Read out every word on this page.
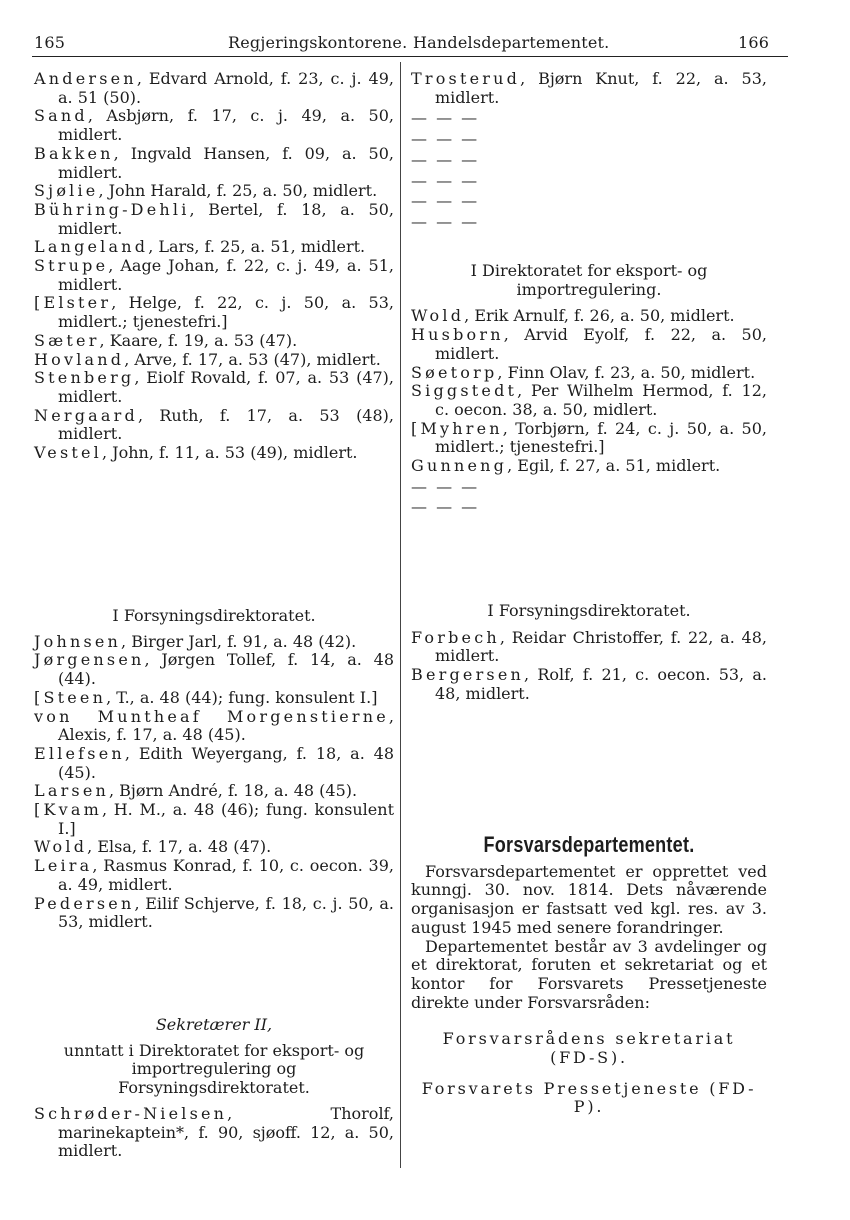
165	Regjeringskontorene. Handelsdepartementet.	166

Andersen, Edvard Arnold, f. 23, c. j. 49, a. 51 (50).

Sand, Asbjørn, f. 17, c. j. 49, a. 50, midlert.

Bakken, Ingvald Hansen, f. 09, a. 50, midlert.

Sjølie, John Harald, f. 25, a. 50, midlert.

Bühring-Dehli, Bertel, f. 18, a. 50, midlert.

Langeland, Lars, f. 25, a. 51, midlert.

Strupe, Aage Johan, f. 22, c. j. 49, a. 51, midlert.

[Elster, Helge, f. 22, c. j. 50, a. 53, midlert.; tjenestefri.]

Sæter, Kaare, f. 19, a. 53 (47).

Hovland, Arve, f. 17, a. 53 (47), midlert.

Stenberg, Eiolf Rovald, f. 07, a. 53 (47), midlert.

Nergaard, Ruth, f. 17, a. 53 (48), midlert.

Vestel, John, f. 11, a. 53 (49), midlert.

I Forsyningsdirektoratet.

Johnsen, Birger Jarl, f. 91, a. 48 (42).

Jørgensen, Jørgen Tollef, f. 14, a. 48 (44).

[Steen, T., a. 48 (44); fung. konsulent I.]

von Muntheaf Morgenstierne, Alexis, f. 17, a. 48 (45).

Ellefsen, Edith Weyergang, f. 18, a. 48 (45).

Larsen, Bjørn André, f. 18, a. 48 (45).

[Kvam, H. M., a. 48 (46); fung. konsulent I.]

Wold, Elsa, f. 17, a. 48 (47).

Leira, Rasmus Konrad, f. 10, c. oecon. 39, a. 49, midlert.

Pedersen, Eilif Schjerve, f. 18, c. j. 50, a. 53, midlert.

Sekretærer II,

unntatt i Direktoratet for eksport- og importregulering og Forsyningsdirektoratet.

Schrøder-Nielsen, Thorolf, marinekaptein*, f. 90, sjøoff. 12, a. 50, midlert.

Trosterud, Bjørn Knut, f. 22, a. 53, midlert.

— — —

— — —

— — —

— — —

— — —

— — —

I Direktoratet for eksport- og importregulering.

Wold, Erik Arnulf, f. 26, a. 50, midlert.

Husborn, Arvid Eyolf, f. 22, a. 50, midlert.

Søetorp, Finn Olav, f. 23, a. 50, midlert.

Siggstedt, Per Wilhelm Hermod, f. 12, c. oecon. 38, a. 50, midlert.

[Myhren, Torbjørn, f. 24, c. j. 50, a. 50, midlert.; tjenestefri.]

Gunneng, Egil, f. 27, a. 51, midlert.

— — —

— — —

I Forsyningsdirektoratet.

Forbech, Reidar Christoffer, f. 22, a. 48, midlert.

Bergersen, Rolf, f. 21, c. oecon. 53, a. 48, midlert.

Forsvarsdepartementet.

Forsvarsdepartementet er opprettet ved kunngj. 30. nov. 1814. Dets nåværende organisasjon er fastsatt ved kgl. res. av 3. august 1945 med senere forandringer.

Departementet består av 3 avdelinger og et direktorat, foruten et sekretariat og et kontor for Forsvarets Pressetjeneste direkte under Forsvarsråden:

Forsvarsrådens sekretariat (FD-S).

Forsvarets Pressetjeneste (FD-P).
